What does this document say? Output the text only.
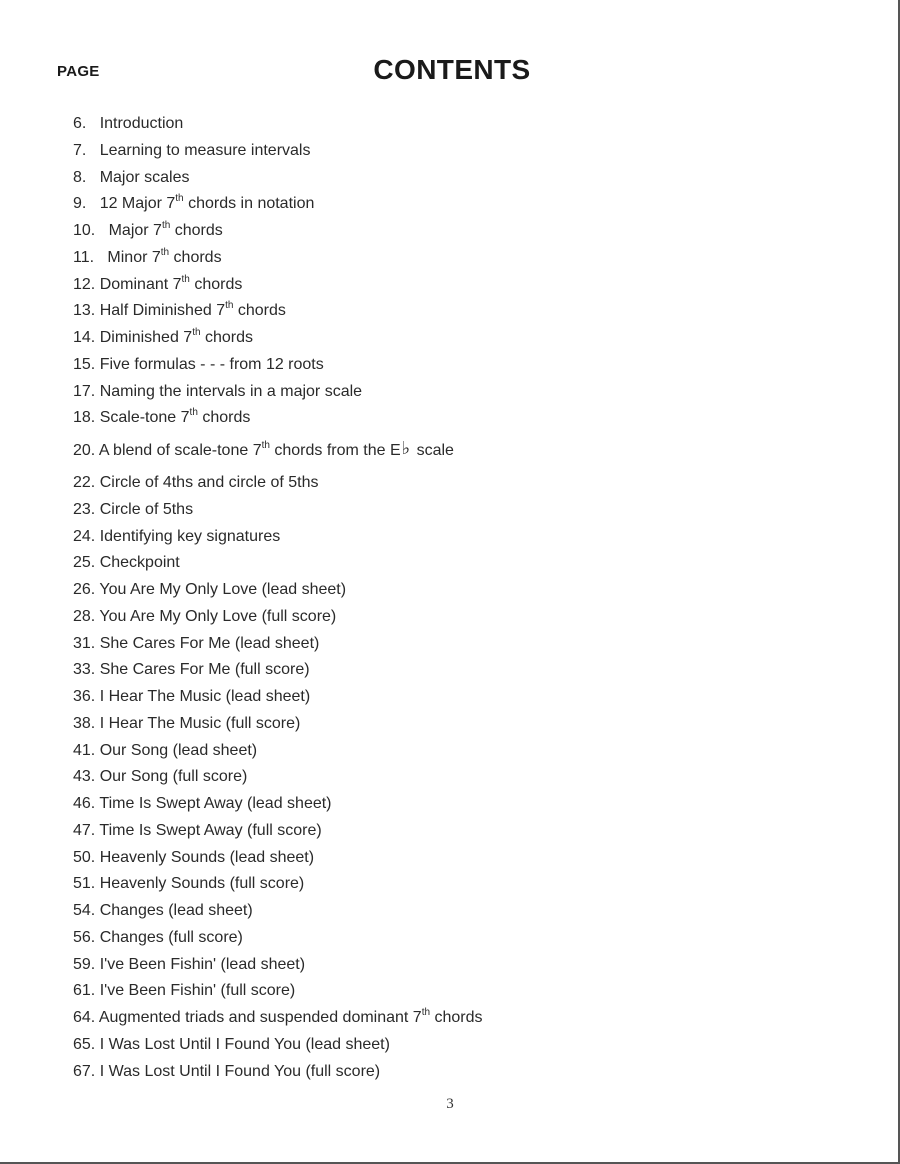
PAGE	CONTENTS
6. Introduction
7. Learning to measure intervals
8. Major scales
9. 12 Major 7th chords in notation
10. Major 7th chords
11. Minor 7th chords
12. Dominant 7th chords
13. Half Diminished 7th chords
14. Diminished 7th chords
15. Five formulas - - - from 12 roots
17. Naming the intervals in a major scale
18. Scale-tone 7th chords
20. A blend of scale-tone 7th chords from the E♭ scale
22. Circle of 4ths and circle of 5ths
23. Circle of 5ths
24. Identifying key signatures
25. Checkpoint
26. You Are My Only Love (lead sheet)
28. You Are My Only Love (full score)
31. She Cares For Me (lead sheet)
33. She Cares For Me (full score)
36. I Hear The Music (lead sheet)
38. I Hear The Music (full score)
41. Our Song (lead sheet)
43. Our Song (full score)
46. Time Is Swept Away (lead sheet)
47. Time Is Swept Away (full score)
50. Heavenly Sounds (lead sheet)
51. Heavenly Sounds (full score)
54. Changes (lead sheet)
56. Changes (full score)
59. I've Been Fishin' (lead sheet)
61. I've Been Fishin' (full score)
64. Augmented triads and suspended dominant 7th chords
65. I Was Lost Until I Found You (lead sheet)
67. I Was Lost Until I Found You (full score)
3
